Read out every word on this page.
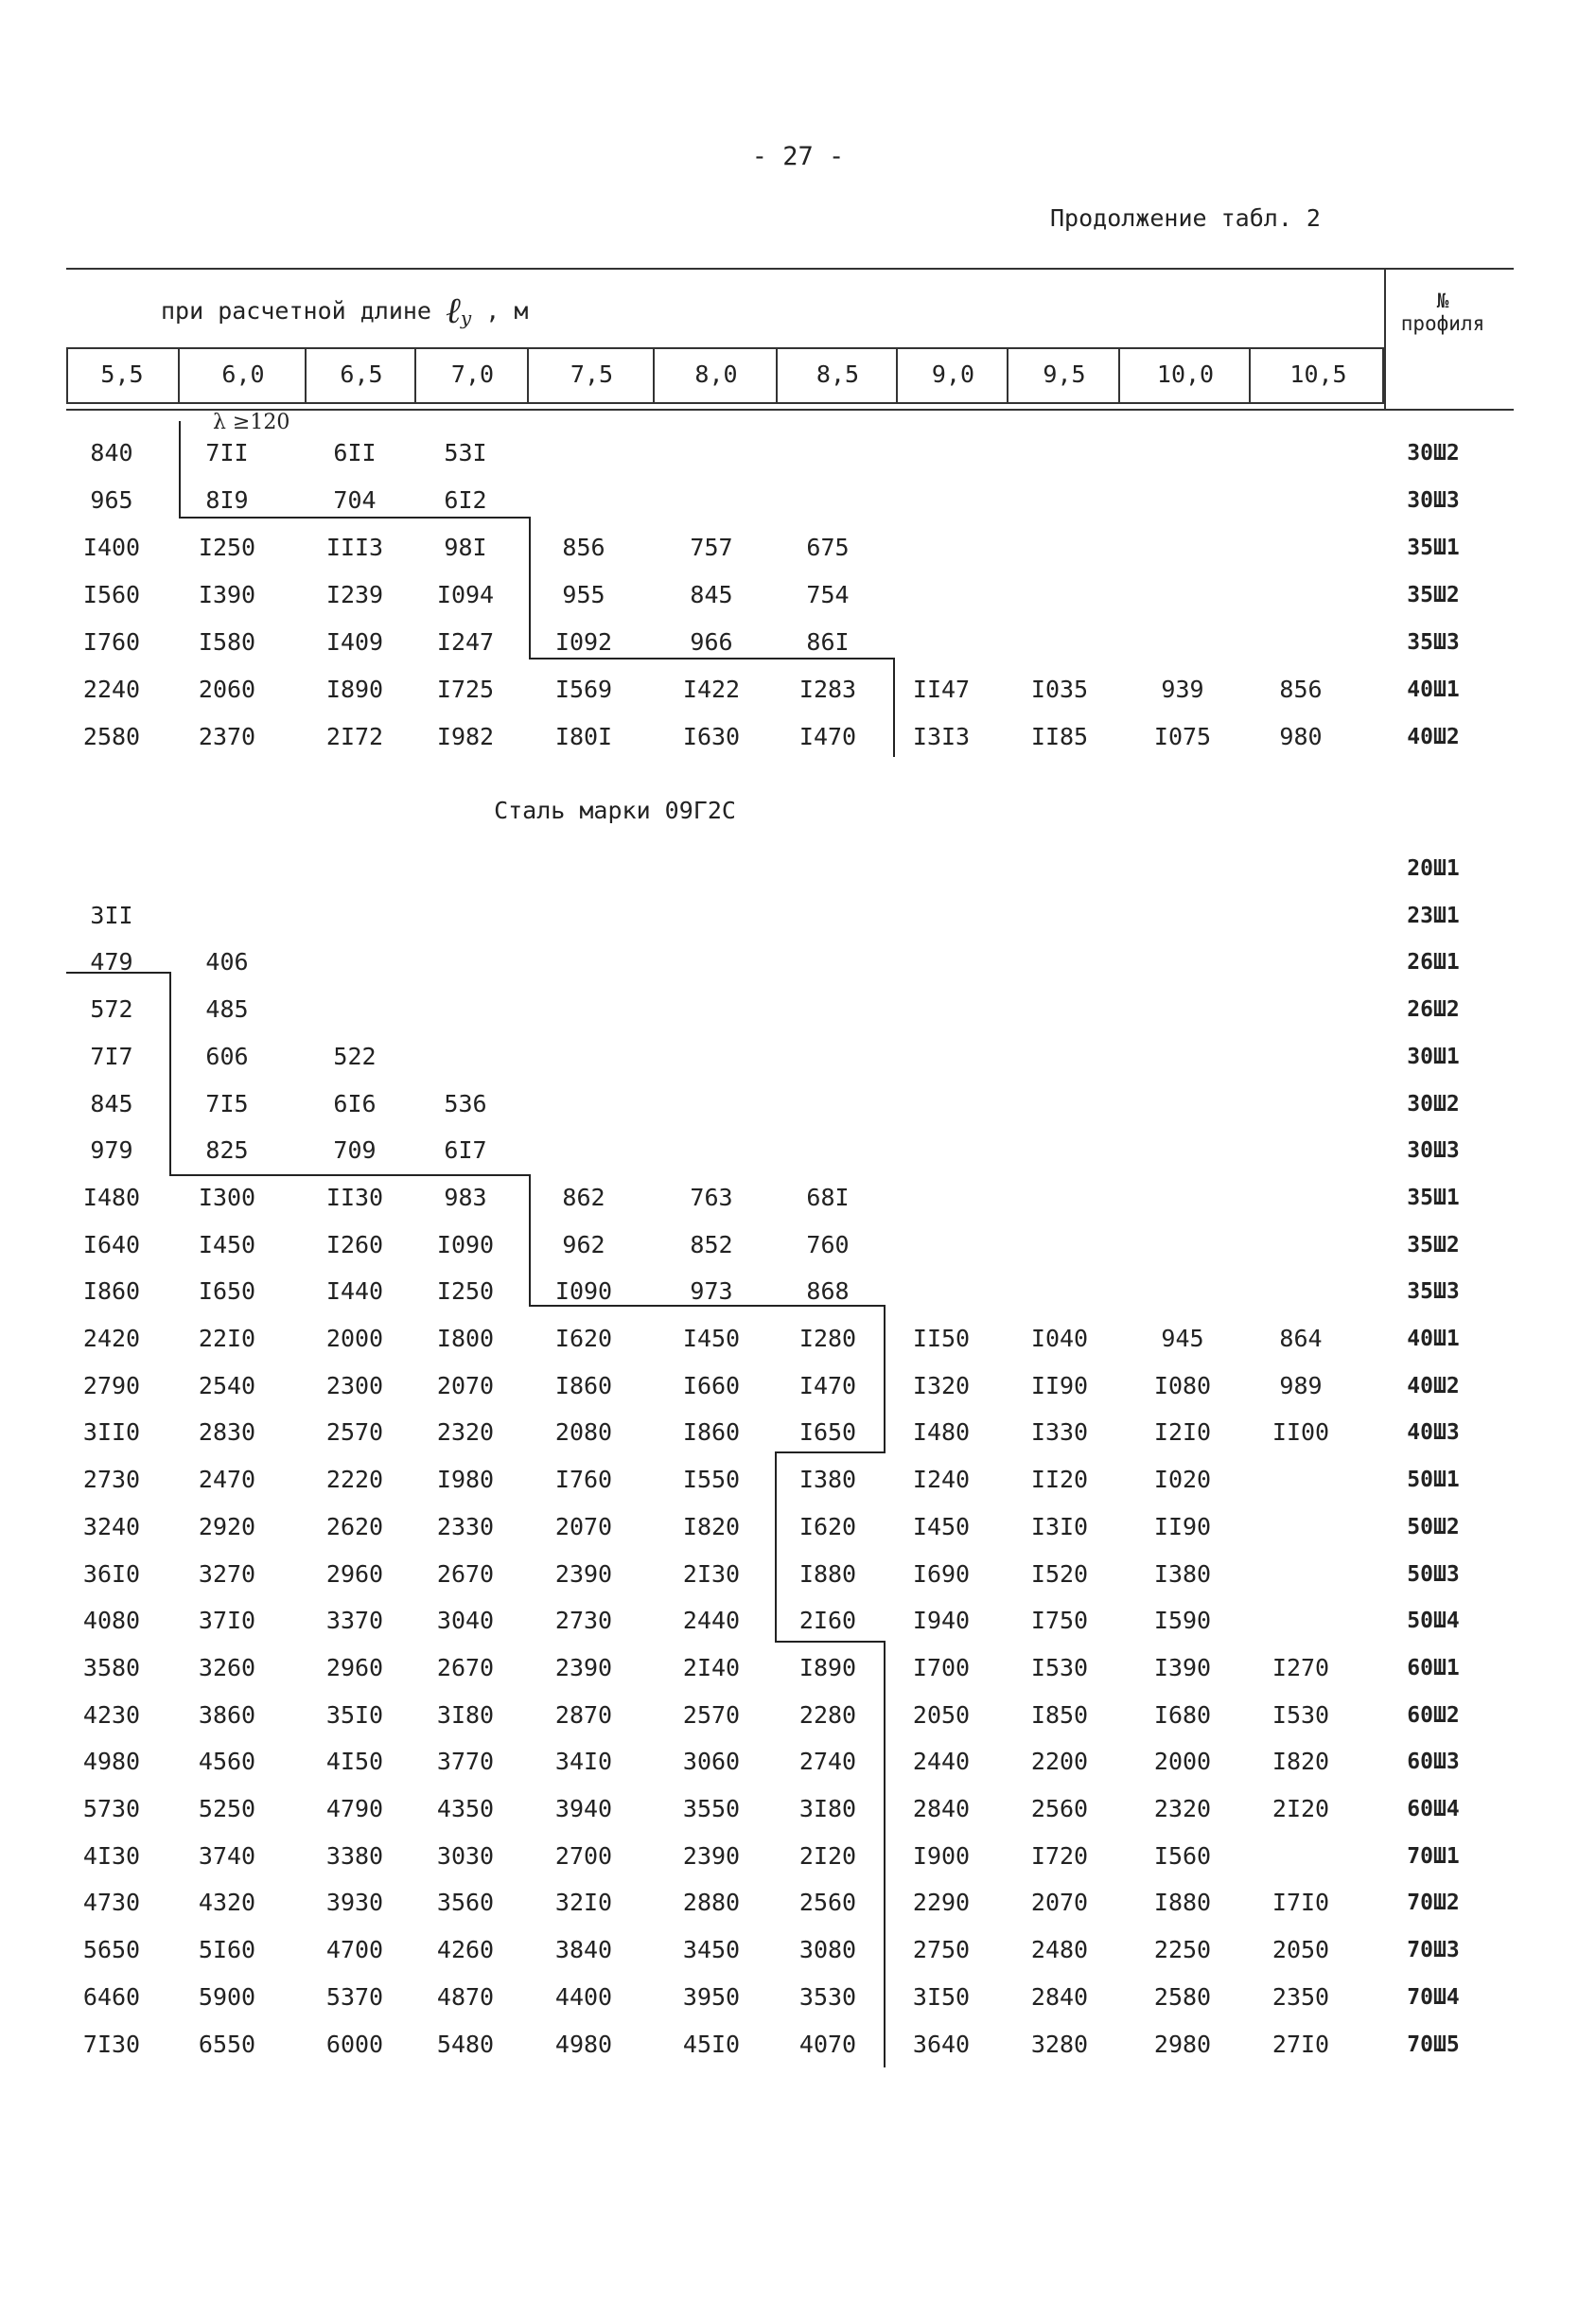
- 27 -
Продолжение табл. 2
при расчетной длине ℓ$_y$ , м	№
профиля
5,5	6,0	6,5	7,0	7,5	8,0	8,5	9,0	9,5	10,0	10,5
λ ≥120
840	7II	6II	53I	30Ш2
965	8I9	704	6I2	30Ш3
I400	I250	III3	98I	856	757	675	35Ш1
I560	I390	I239	I094	955	845	754	35Ш2
I760	I580	I409	I247	I092	966	86I	35Ш3
2240	2060	I890	I725	I569	I422	I283	II47	I035	939	856	40Ш1
2580	2370	2I72	I982	I80I	I630	I470	I3I3	II85	I075	980	40Ш2
Сталь марки 09Г2С
20Ш1
3II	23Ш1
479	406	26Ш1
572	485	26Ш2
7I7	606	522	30Ш1
845	7I5	6I6	536	30Ш2
979	825	709	6I7	30Ш3
I480	I300	II30	983	862	763	68I	35Ш1
I640	I450	I260	I090	962	852	760	35Ш2
I860	I650	I440	I250	I090	973	868	35Ш3
2420	22I0	2000	I800	I620	I450	I280	II50	I040	945	864	40Ш1
2790	2540	2300	2070	I860	I660	I470	I320	II90	I080	989	40Ш2
3II0	2830	2570	2320	2080	I860	I650	I480	I330	I2I0	II00	40Ш3
2730	2470	2220	I980	I760	I550	I380	I240	II20	I020	50Ш1
3240	2920	2620	2330	2070	I820	I620	I450	I3I0	II90	50Ш2
36I0	3270	2960	2670	2390	2I30	I880	I690	I520	I380	50Ш3
4080	37I0	3370	3040	2730	2440	2I60	I940	I750	I590	50Ш4
3580	3260	2960	2670	2390	2I40	I890	I700	I530	I390	I270	60Ш1
4230	3860	35I0	3I80	2870	2570	2280	2050	I850	I680	I530	60Ш2
4980	4560	4I50	3770	34I0	3060	2740	2440	2200	2000	I820	60Ш3
5730	5250	4790	4350	3940	3550	3I80	2840	2560	2320	2I20	60Ш4
4I30	3740	3380	3030	2700	2390	2I20	I900	I720	I560	70Ш1
4730	4320	3930	3560	32I0	2880	2560	2290	2070	I880	I7I0	70Ш2
5650	5I60	4700	4260	3840	3450	3080	2750	2480	2250	2050	70Ш3
6460	5900	5370	4870	4400	3950	3530	3I50	2840	2580	2350	70Ш4
7I30	6550	6000	5480	4980	45I0	4070	3640	3280	2980	27I0	70Ш5
